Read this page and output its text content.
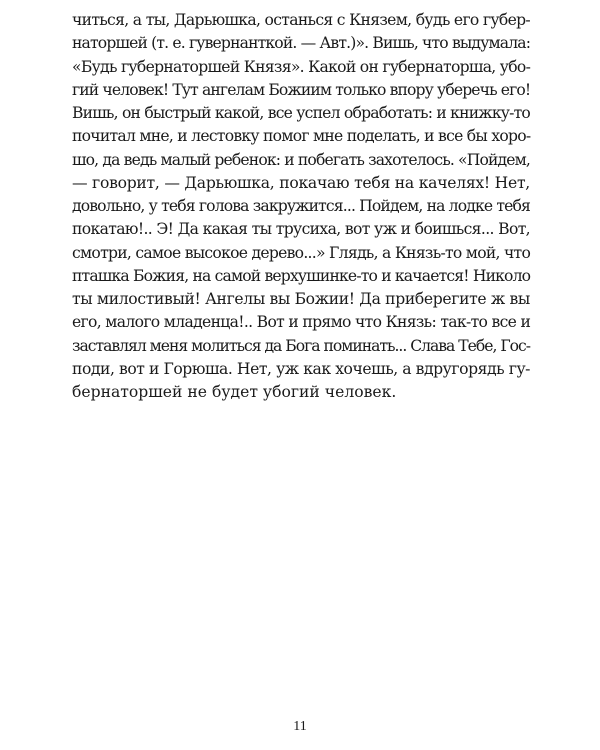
читься, а ты, Дарьюшка, останься с Князем, будь его губер-
наторшей (т. е. гувернанткой. — Авт.)». Вишь, что выдумала:
«Будь губернаторшей Князя». Какой он губернаторша, убо-
гий человек! Тут ангелам Божиим только впору уберечь его!
Вишь, он быстрый какой, все успел обработать: и книжку-то
почитал мне, и лестовку помог мне поделать, и все бы хоро-
шо, да ведь малый ребенок: и побегать захотелось. «Пойдем,
— говорит, — Дарьюшка, покачаю тебя на качелях! Нет,
довольно, у тебя голова закружится... Пойдем, на лодке тебя
покатаю!.. Э! Да какая ты трусиха, вот уж и боишься... Вот,
смотри, самое высокое дерево...» Глядь, а Князь-то мой, что
пташка Божия, на самой верхушинке-то и качается! Николо
ты милостивый! Ангелы вы Божии! Да приберегите ж вы
его, малого младенца!.. Вот и прямо что Князь: так-то все и
заставлял меня молиться да Бога поминать... Слава Тебе, Гос-
поди, вот и Горюша. Нет, уж как хочешь, а вдругорядь гу-
бернаторшей не будет убогий человек.
11
